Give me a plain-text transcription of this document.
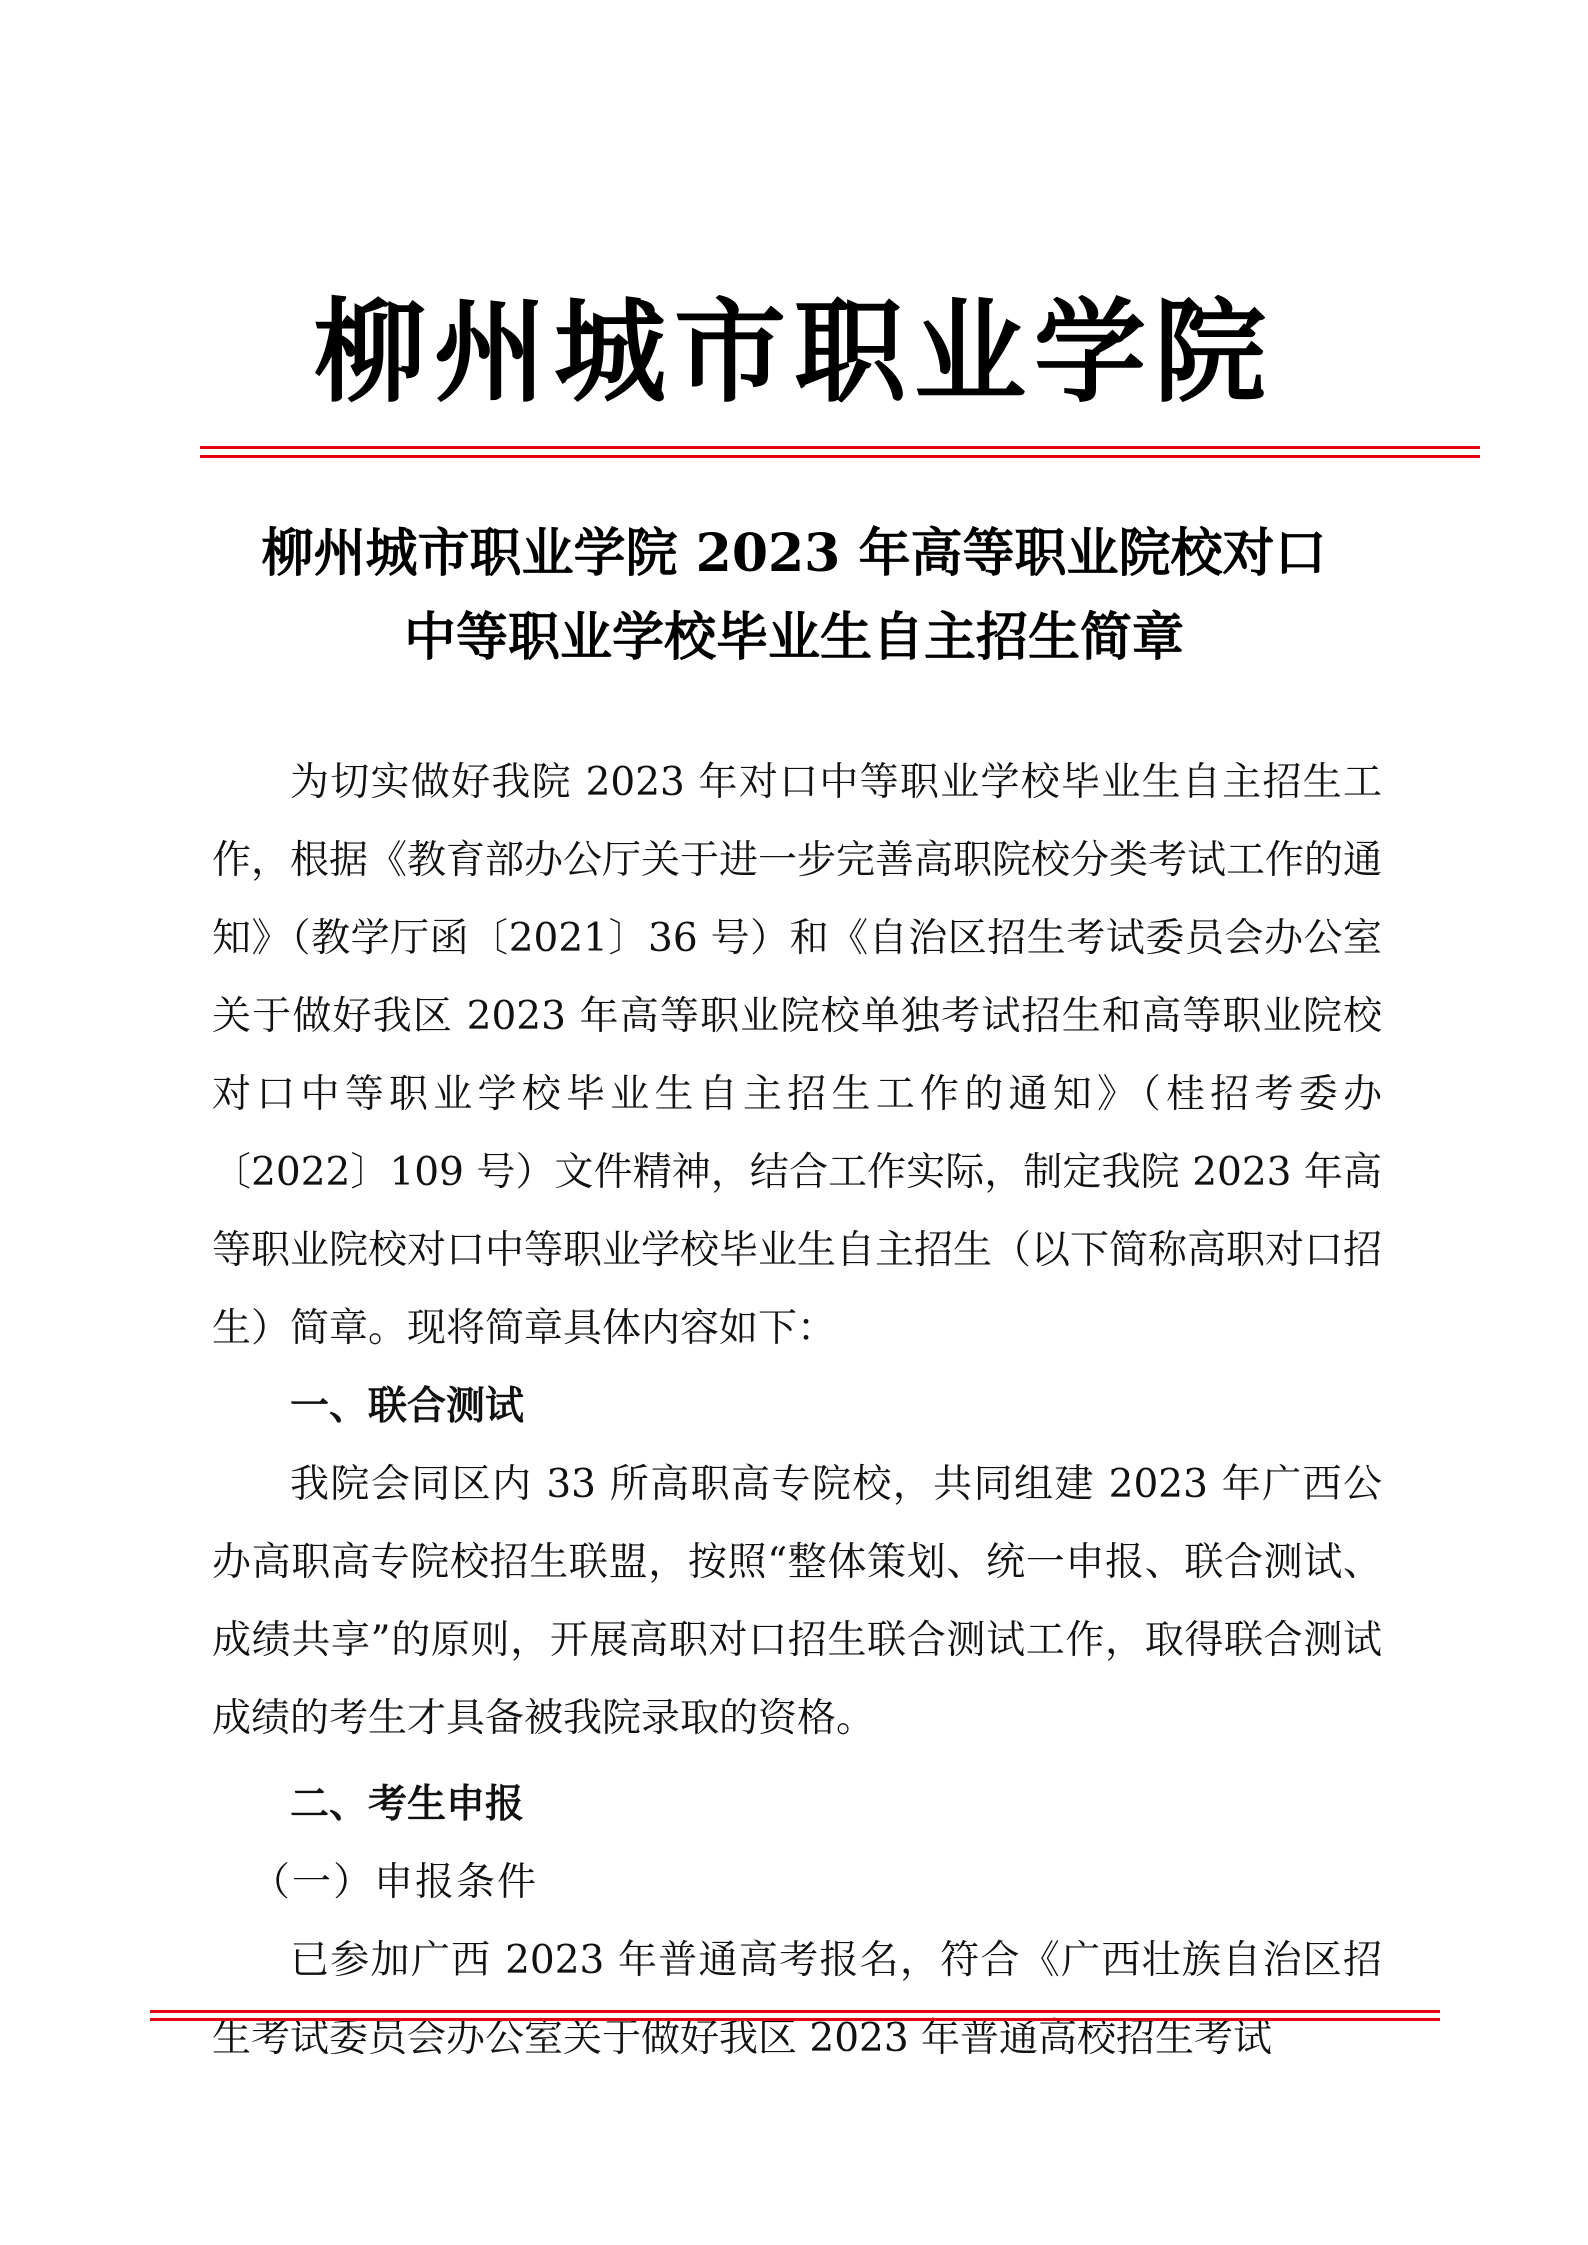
柳州城市职业学院
柳州城市职业学院 2023 年高等职业院校对口
中等职业学校毕业生自主招生简章

为切实做好我院 2023 年对口中等职业学校毕业生自主招生工作，根据《教育部办公厅关于进一步完善高职院校分类考试工作的通知》（教学厅函〔2021〕36 号）和《自治区招生考试委员会办公室关于做好我区 2023 年高等职业院校单独考试招生和高等职业院校对口中等职业学校毕业生自主招生工作的通知》（桂招考委办〔2022〕109 号）文件精神，结合工作实际，制定我院 2023 年高等职业院校对口中等职业学校毕业生自主招生（以下简称高职对口招生）简章。现将简章具体内容如下：

一、联合测试

我院会同区内 33 所高职高专院校，共同组建 2023 年广西公办高职高专院校招生联盟，按照“整体策划、统一申报、联合测试、成绩共享”的原则，开展高职对口招生联合测试工作，取得联合测试成绩的考生才具备被我院录取的资格。

二、考生申报

（一）申报条件

已参加广西 2023 年普通高考报名，符合《广西壮族自治区招生考试委员会办公室关于做好我区 2023 年普通高校招生考试
